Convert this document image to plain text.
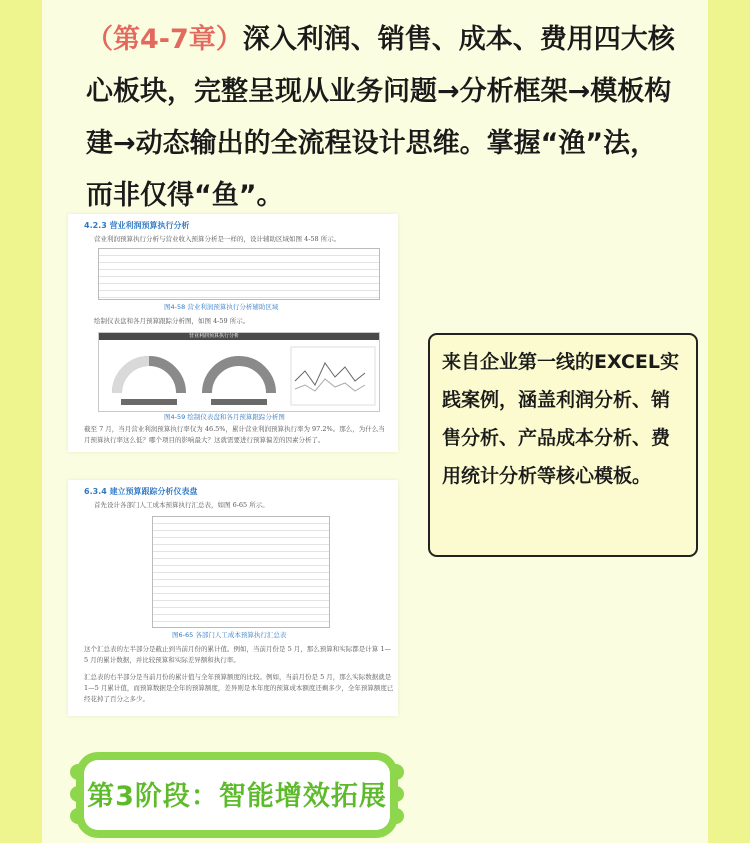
（第4-7章）深入利润、销售、成本、费用四大核心板块，完整呈现从业务问题→分析框架→模板构建→动态输出的全流程设计思维。掌握“渔”法，而非仅得“鱼”。
4.2.3 营业利润预算执行分析
营业利润预算执行分析与营业收入预算分析是一样的，设计辅助区域如图 4-58 所示。
图4-58 营业利润预算执行分析辅助区域
绘制仪表盘和各月预算跟踪分析图，如图 4-59 所示。
营业利润预算执行分析
图4-59 绘制仪表盘和各月预算跟踪分析图
截至 7 月，当月营业利润预算执行率仅为 46.5%，累计营业利润预算执行率为 97.2%。那么，为什么当月预算执行率这么低？哪个项目的影响最大？这就需要进行预算偏差的因素分析了。
6.3.4 建立预算跟踪分析仪表盘
首先设计各部门人工成本预算执行汇总表，如图 6-65 所示。
图6-65 各部门人工成本预算执行汇总表
这个汇总表的左半部分是截止到当前月份的累计值。例如，当前月份是 5 月，那么预算和实际都是计算 1—5 月的累计数据，并比较预算和实际差异额和执行率。
汇总表的右半部分是当前月份的累计值与全年预算额度的比较。例如，当前月份是 5 月，那么实际数据就是 1—5 月累计值，而预算数据是全年的预算额度，差异则是本年度的预算成本额度还剩多少，全年预算额度已经花掉了百分之多少。
来自企业第一线的EXCEL实践案例，涵盖利润分析、销售分析、产品成本分析、费用统计分析等核心模板。
第3阶段：智能增效拓展
